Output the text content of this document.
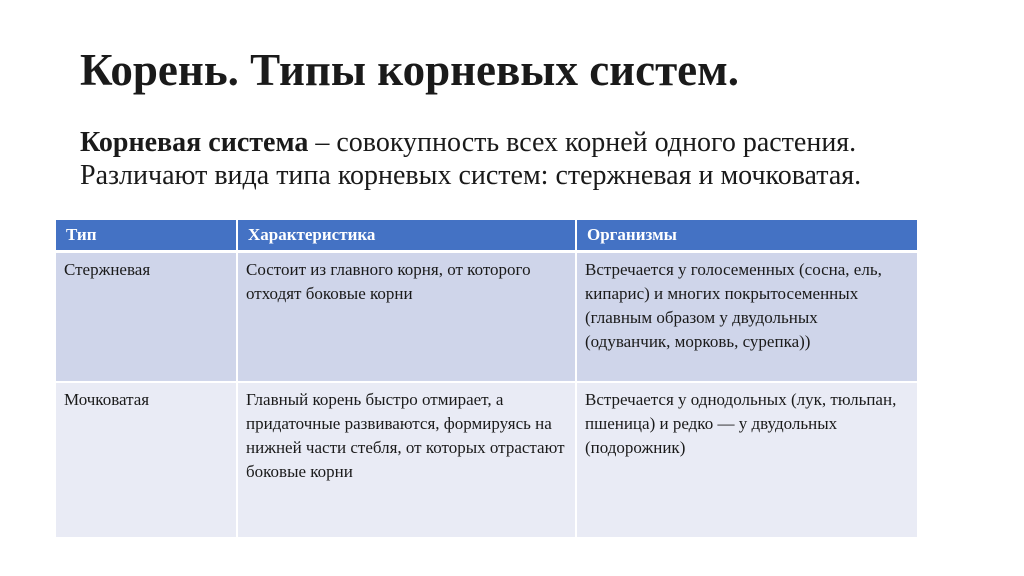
Корень. Типы корневых систем.

Корневая система – совокупность всех корней одного растения.

Различают вида типа корневых систем: стержневая и мочковатая.

Тип	Характеристика	Организмы
Стержневая	Состоит из главного корня, от которого отходят боковые корни	Встречается у голосеменных (сосна, ель, кипарис) и многих покрытосеменных (главным образом у двудольных (одуванчик, морковь, сурепка))
Мочковатая	Главный корень быстро отмирает, а придаточные развиваются, формируясь на нижней части стебля, от которых отрастают боковые корни	Встречается у однодольных (лук, тюльпан, пшеница) и редко — у двудольных (подорожник)
